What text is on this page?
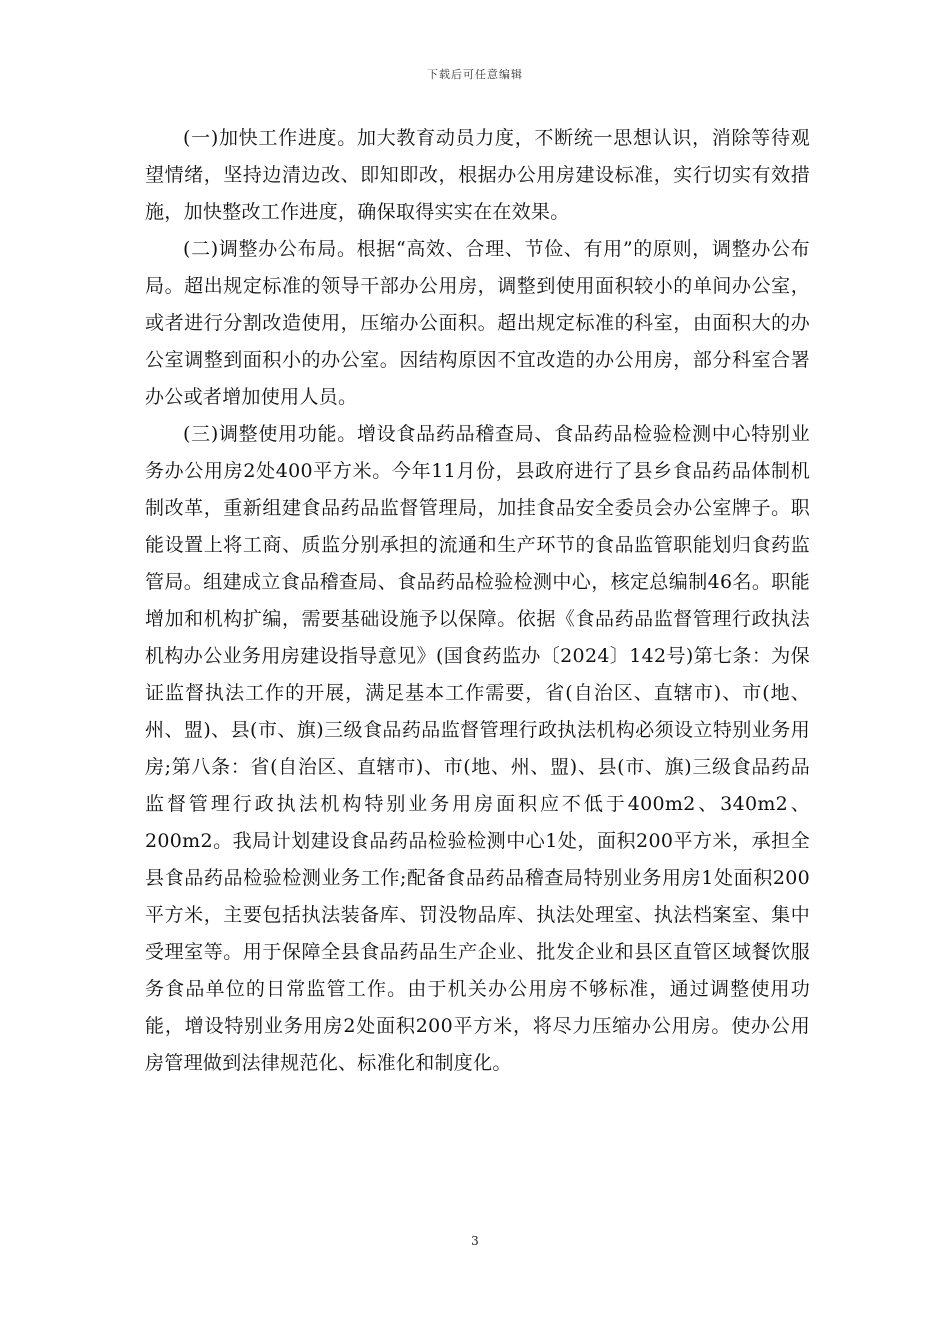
下载后可任意编辑

(一)加快工作进度。加大教育动员力度，不断统一思想认识，消除等待观望情绪，坚持边清边改、即知即改，根据办公用房建设标准，实行切实有效措施，加快整改工作进度，确保取得实实在在效果。

(二)调整办公布局。根据“高效、合理、节俭、有用”的原则，调整办公布局。超出规定标准的领导干部办公用房，调整到使用面积较小的单间办公室，或者进行分割改造使用，压缩办公面积。超出规定标准的科室，由面积大的办公室调整到面积小的办公室。因结构原因不宜改造的办公用房，部分科室合署办公或者增加使用人员。

(三)调整使用功能。增设食品药品稽查局、食品药品检验检测中心特别业务办公用房2处400平方米。今年11月份，县政府进行了县乡食品药品体制机制改革，重新组建食品药品监督管理局，加挂食品安全委员会办公室牌子。职能设置上将工商、质监分别承担的流通和生产环节的食品监管职能划归食药监管局。组建成立食品稽查局、食品药品检验检测中心，核定总编制46名。职能增加和机构扩编，需要基础设施予以保障。依据《食品药品监督管理行政执法机构办公业务用房建设指导意见》(国食药监办〔2024〕142号)第七条：为保证监督执法工作的开展，满足基本工作需要，省(自治区、直辖市)、市(地、州、盟)、县(市、旗)三级食品药品监督管理行政执法机构必须设立特别业务用房;第八条：省(自治区、直辖市)、市(地、州、盟)、县(市、旗)三级食品药品监督管理行政执法机构特别业务用房面积应不低于400m2、340m2、200m2。我局计划建设食品药品检验检测中心1处，面积200平方米，承担全县食品药品检验检测业务工作;配备食品药品稽查局特别业务用房1处面积200平方米，主要包括执法装备库、罚没物品库、执法处理室、执法档案室、集中受理室等。用于保障全县食品药品生产企业、批发企业和县区直管区域餐饮服务食品单位的日常监管工作。由于机关办公用房不够标准，通过调整使用功能，增设特别业务用房2处面积200平方米，将尽力压缩办公用房。使办公用房管理做到法律规范化、标准化和制度化。

3
